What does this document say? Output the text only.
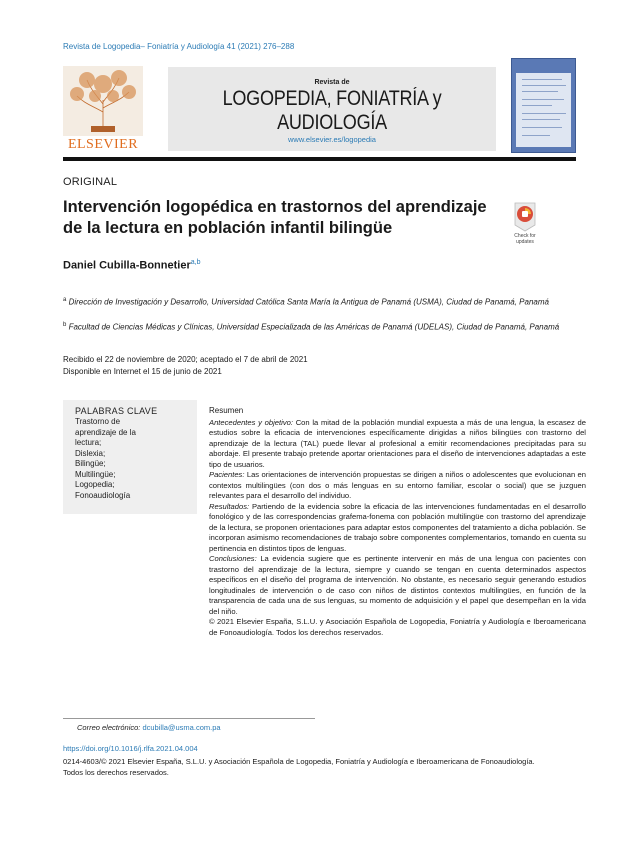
Revista de Logopedia– Foniatría y Audiología 41 (2021) 276–288
ELSEVIER
Revista de
LOGOPEDIA, FONIATRÍA y AUDIOLOGÍA
www.elsevier.es/logopedia
ORIGINAL
Intervención logopédica en trastornos del aprendizaje de la lectura en población infantil bilingüe	Check for
updates
Daniel Cubilla-Bonnetier$^{a,b}$
$^a$ Dirección de Investigación y Desarrollo, Universidad Católica Santa María la Antigua de Panamá (USMA), Ciudad de Panamá, Panamá
$^b$ Facultad de Ciencias Médicas y Clínicas, Universidad Especializada de las Américas de Panamá (UDELAS), Ciudad de Panamá, Panamá
Recibido el 22 de noviembre de 2020; aceptado el 7 de abril de 2021
Disponible en Internet el 15 de junio de 2021
PALABRAS CLAVE
Trastorno de
aprendizaje de la
lectura;
Dislexia;
Bilingüe;
Multilingüe;
Logopedia;
Fonoaudiología
Resumen

Antecedentes y objetivo: Con la mitad de la población mundial expuesta a más de una lengua, la escasez de estudios sobre la eficacia de intervenciones específicamente dirigidas a niños bilingües con trastorno del aprendizaje de la lectura (TAL) puede llevar al profesional a emitir recomendaciones precipitadas para su abordaje. El presente trabajo pretende aportar orientaciones para el diseño de intervenciones adaptadas a este tipo de usuarios.

Pacientes: Las orientaciones de intervención propuestas se dirigen a niños o adolescentes que evolucionan en contextos multilingües (con dos o más lenguas en su entorno familiar, escolar o social) que se juzguen relevantes para el desarrollo del individuo.

Resultados: Partiendo de la evidencia sobre la eficacia de las intervenciones fundamentadas en el desarrollo fonológico y de las correspondencias grafema-fonema con población multilingüe con trastorno del aprendizaje de la lectura, se proponen orientaciones para adaptar estos componentes del tratamiento a dicha población. Se incorporan asimismo recomendaciones de trabajo sobre componentes complementarios, tomando en cuenta su pertinencia en distintos tipos de lenguas.

Conclusiones: La evidencia sugiere que es pertinente intervenir en más de una lengua con pacientes con trastorno del aprendizaje de la lectura, siempre y cuando se tengan en cuenta determinados aspectos específicos en el diseño del programa de intervención. No obstante, es necesario seguir generando estudios longitudinales de intervención o de caso con niños de distintos contextos multilingües, en función de la transparencia de cada una de sus lenguas, su momento de adquisición y el papel que desempeñan en la vida del niño.

© 2021 Elsevier España, S.L.U. y Asociación Española de Logopedia, Foniatría y Audiología e Iberoamericana de Fonoaudiología. Todos los derechos reservados.

Correo electrónico: dcubilla@usma.com.pa
https://doi.org/10.1016/j.rlfa.2021.04.004
0214-4603/© 2021 Elsevier España, S.L.U. y Asociación Española de Logopedia, Foniatría y Audiología e Iberoamericana de Fonoaudiología.
Todos los derechos reservados.
